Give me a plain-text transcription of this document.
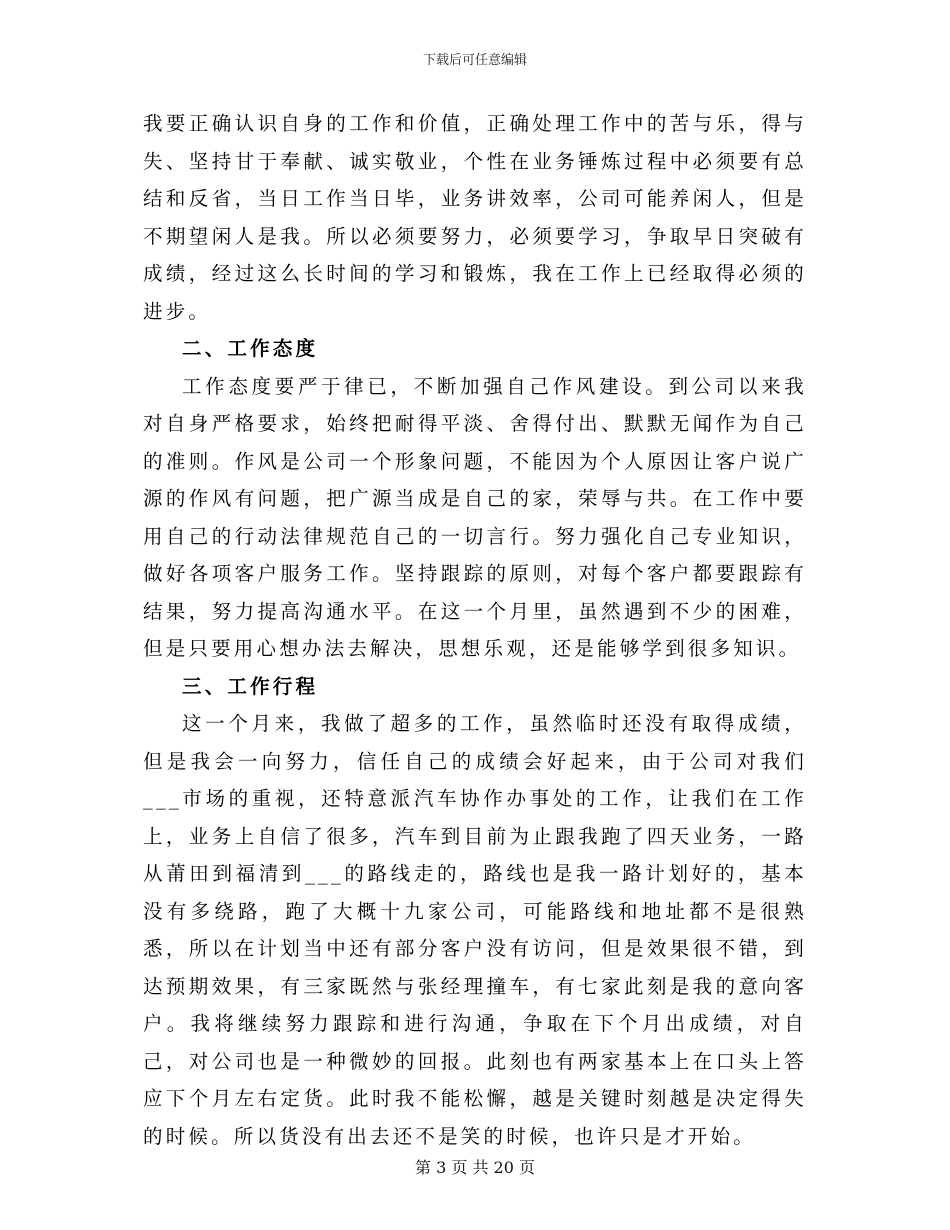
下载后可任意编辑

我要正确认识自身的工作和价值，正确处理工作中的苦与乐，得与失、坚持甘于奉献、诚实敬业，个性在业务锤炼过程中必须要有总结和反省，当日工作当日毕，业务讲效率，公司可能养闲人，但是不期望闲人是我。所以必须要努力，必须要学习，争取早日突破有成绩，经过这么长时间的学习和锻炼，我在工作上已经取得必须的进步。

二、工作态度

工作态度要严于律已，不断加强自己作风建设。到公司以来我对自身严格要求，始终把耐得平淡、舍得付出、默默无闻作为自己的准则。作风是公司一个形象问题，不能因为个人原因让客户说广源的作风有问题，把广源当成是自己的家，荣辱与共。在工作中要用自己的行动法律规范自己的一切言行。努力强化自己专业知识，做好各项客户服务工作。坚持跟踪的原则，对每个客户都要跟踪有结果，努力提高沟通水平。在这一个月里，虽然遇到不少的困难，但是只要用心想办法去解决，思想乐观，还是能够学到很多知识。

三、工作行程

这一个月来，我做了超多的工作，虽然临时还没有取得成绩，但是我会一向努力，信任自己的成绩会好起来，由于公司对我们___市场的重视，还特意派汽车协作办事处的工作，让我们在工作上，业务上自信了很多，汽车到目前为止跟我跑了四天业务，一路从莆田到福清到___的路线走的，路线也是我一路计划好的，基本没有多绕路，跑了大概十九家公司，可能路线和地址都不是很熟悉，所以在计划当中还有部分客户没有访问，但是效果很不错，到达预期效果，有三家既然与张经理撞车，有七家此刻是我的意向客户。我将继续努力跟踪和进行沟通，争取在下个月出成绩，对自己，对公司也是一种微妙的回报。此刻也有两家基本上在口头上答应下个月左右定货。此时我不能松懈，越是关键时刻越是决定得失的时候。所以货没有出去还不是笑的时候，也许只是才开始。

第 3 页 共 20 页
